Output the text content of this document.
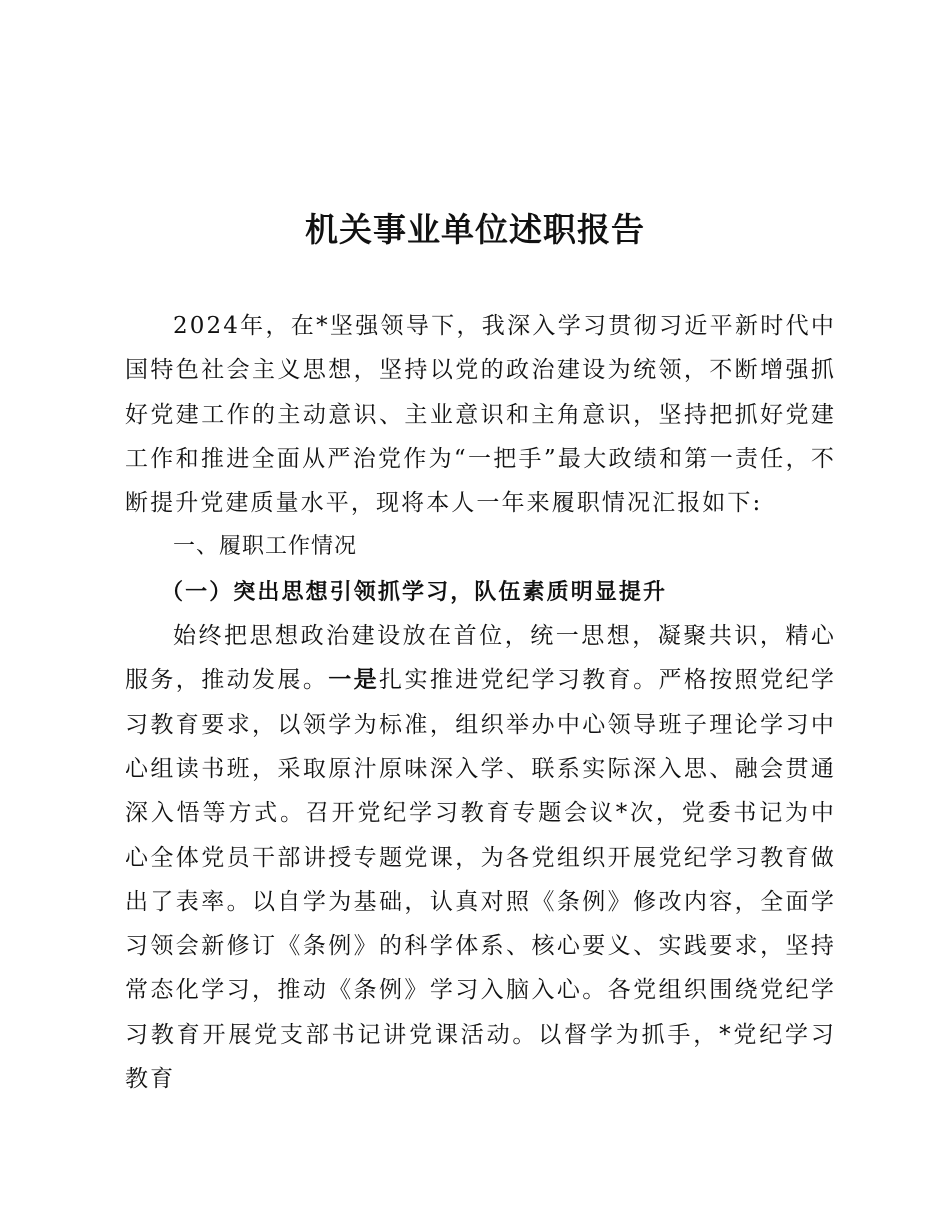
机关事业单位述职报告

2024年，在*坚强领导下，我深入学习贯彻习近平新时代中国特色社会主义思想，坚持以党的政治建设为统领，不断增强抓好党建工作的主动意识、主业意识和主角意识，坚持把抓好党建工作和推进全面从严治党作为“一把手”最大政绩和第一责任，不断提升党建质量水平，现将本人一年来履职情况汇报如下:

一、履职工作情况

（一）突出思想引领抓学习，队伍素质明显提升

始终把思想政治建设放在首位，统一思想，凝聚共识，精心服务，推动发展。一是扎实推进党纪学习教育。严格按照党纪学习教育要求，以领学为标准，组织举办中心领导班子理论学习中心组读书班，采取原汁原味深入学、联系实际深入思、融会贯通深入悟等方式。召开党纪学习教育专题会议*次，党委书记为中心全体党员干部讲授专题党课，为各党组织开展党纪学习教育做出了表率。以自学为基础，认真对照《条例》修改内容，全面学习领会新修订《条例》的科学体系、核心要义、实践要求，坚持常态化学习，推动《条例》学习入脑入心。各党组织围绕党纪学习教育开展党支部书记讲党课活动。以督学为抓手，*党纪学习教育
